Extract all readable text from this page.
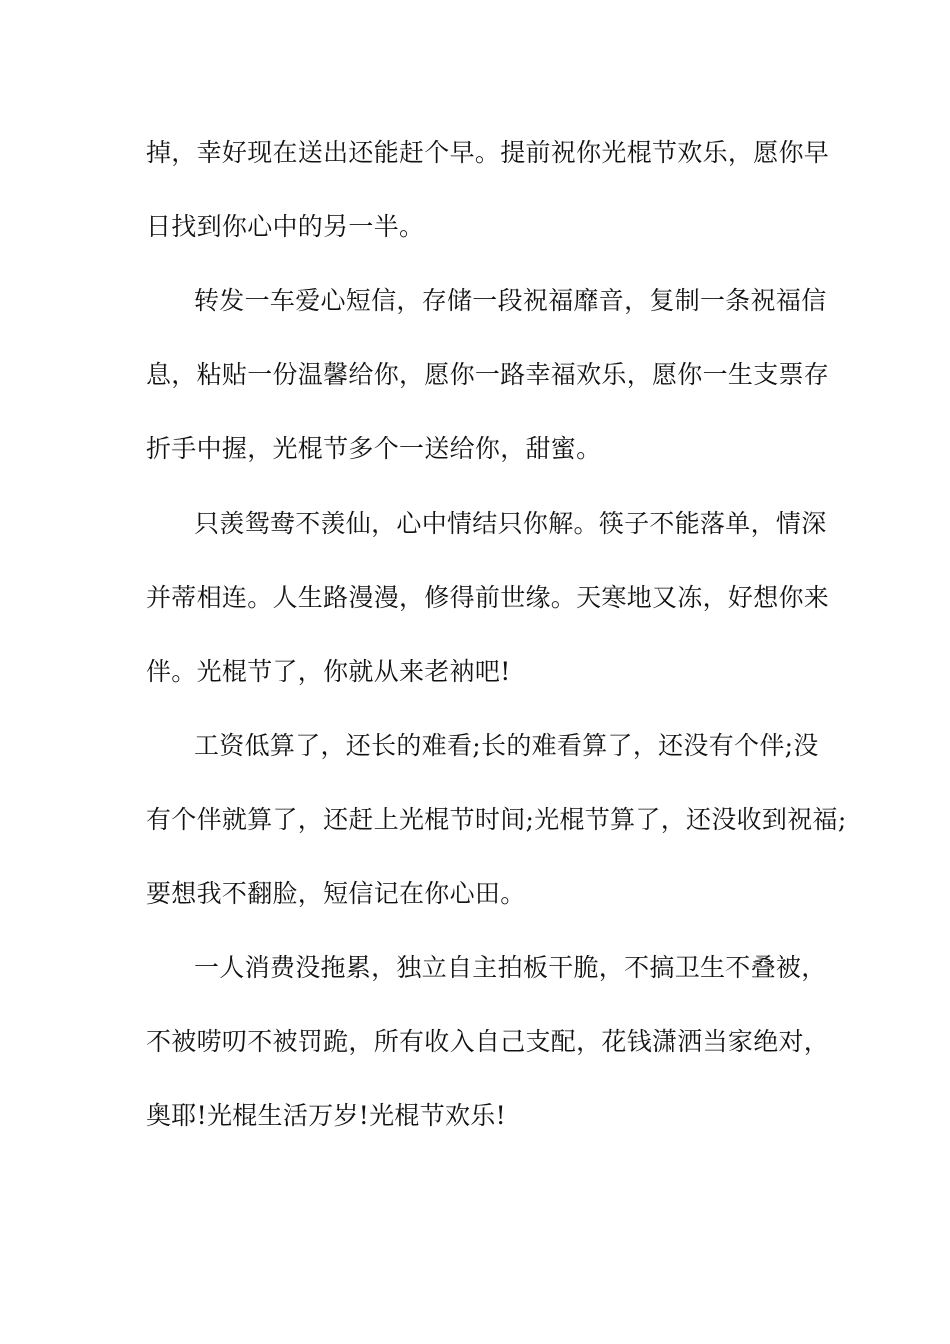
掉，幸好现在送出还能赶个早。提前祝你光棍节欢乐，愿你早
日找到你心中的另一半。
转发一车爱心短信，存储一段祝福靡音，复制一条祝福信
息，粘贴一份温馨给你，愿你一路幸福欢乐，愿你一生支票存
折手中握，光棍节多个一送给你，甜蜜。
只羡鸳鸯不羡仙，心中情结只你解。筷子不能落单，情深
并蒂相连。人生路漫漫，修得前世缘。天寒地又冻，好想你来
伴。光棍节了，你就从来老衲吧!
工资低算了，还长的难看;长的难看算了，还没有个伴;没
有个伴就算了，还赶上光棍节时间;光棍节算了，还没收到祝福;
要想我不翻脸，短信记在你心田。
一人消费没拖累，独立自主拍板干脆，不搞卫生不叠被，
不被唠叨不被罚跪，所有收入自己支配，花钱潇洒当家绝对，
奥耶!光棍生活万岁!光棍节欢乐!
